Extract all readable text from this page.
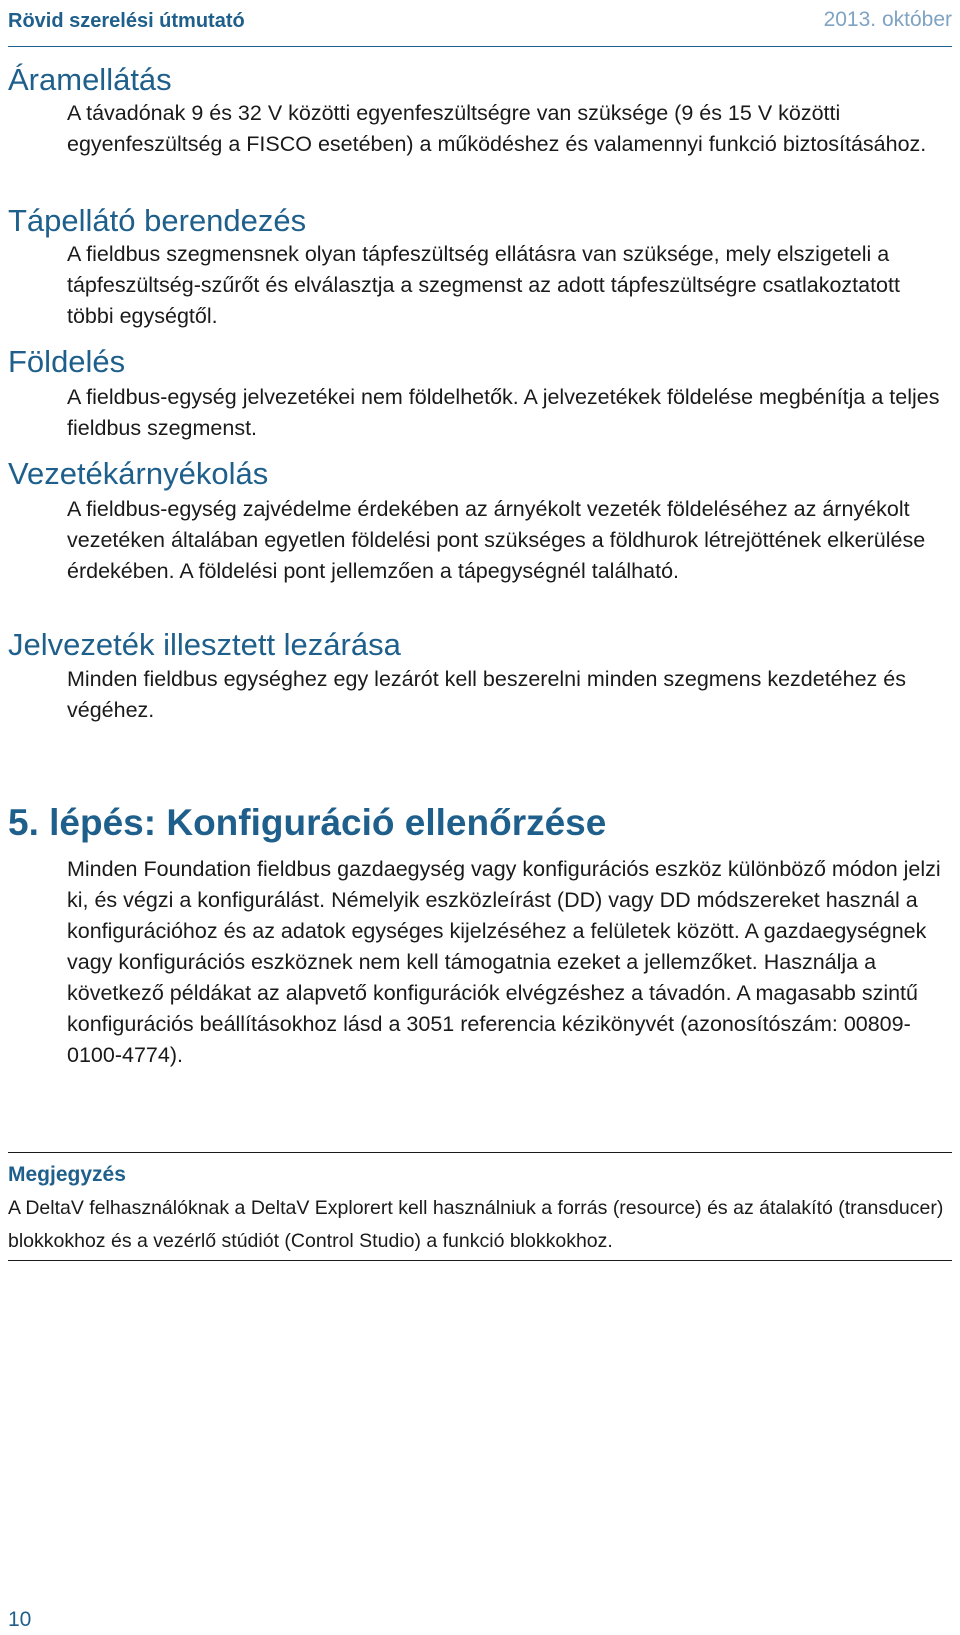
Rövid szerelési útmutató	2013. október
Áramellátás
A távadónak 9 és 32 V közötti egyenfeszültségre van szüksége (9 és 15 V közötti egyenfeszültség a FISCO esetében) a működéshez és valamennyi funkció biztosításához.
Tápellátó berendezés
A fieldbus szegmensnek olyan tápfeszültség ellátásra van szüksége, mely elszigeteli a tápfeszültség-szűrőt és elválasztja a szegmenst az adott tápfeszültségre csatlakoztatott többi egységtől.
Földelés
A fieldbus-egység jelvezetékei nem földelhetők. A jelvezetékek földelése megbénítja a teljes fieldbus szegmenst.
Vezetékárnyékolás
A fieldbus-egység zajvédelme érdekében az árnyékolt vezeték földeléséhez az árnyékolt vezetéken általában egyetlen földelési pont szükséges a földhurok létrejöttének elkerülése érdekében. A földelési pont jellemzően a tápegységnél található.
Jelvezeték illesztett lezárása
Minden fieldbus egységhez egy lezárót kell beszerelni minden szegmens kezdetéhez és végéhez.
5. lépés: Konfiguráció ellenőrzése
Minden Foundation fieldbus gazdaegység vagy konfigurációs eszköz különböző módon jelzi ki, és végzi a konfigurálást. Némelyik eszközleírást (DD) vagy DD módszereket használ a konfigurációhoz és az adatok egységes kijelzéséhez a felületek között. A gazdaegységnek vagy konfigurációs eszköznek nem kell támogatnia ezeket a jellemzőket. Használja a következő példákat az alapvető konfigurációk elvégzéshez a távadón. A magasabb szintű konfigurációs beállításokhoz lásd a 3051 referencia kézikönyvét (azonosítószám: 00809-0100-4774).
Megjegyzés
A DeltaV felhasználóknak a DeltaV Explorert kell használniuk a forrás (resource) és az átalakító (transducer) blokkokhoz és a vezérlő stúdiót (Control Studio) a funkció blokkokhoz.
10
